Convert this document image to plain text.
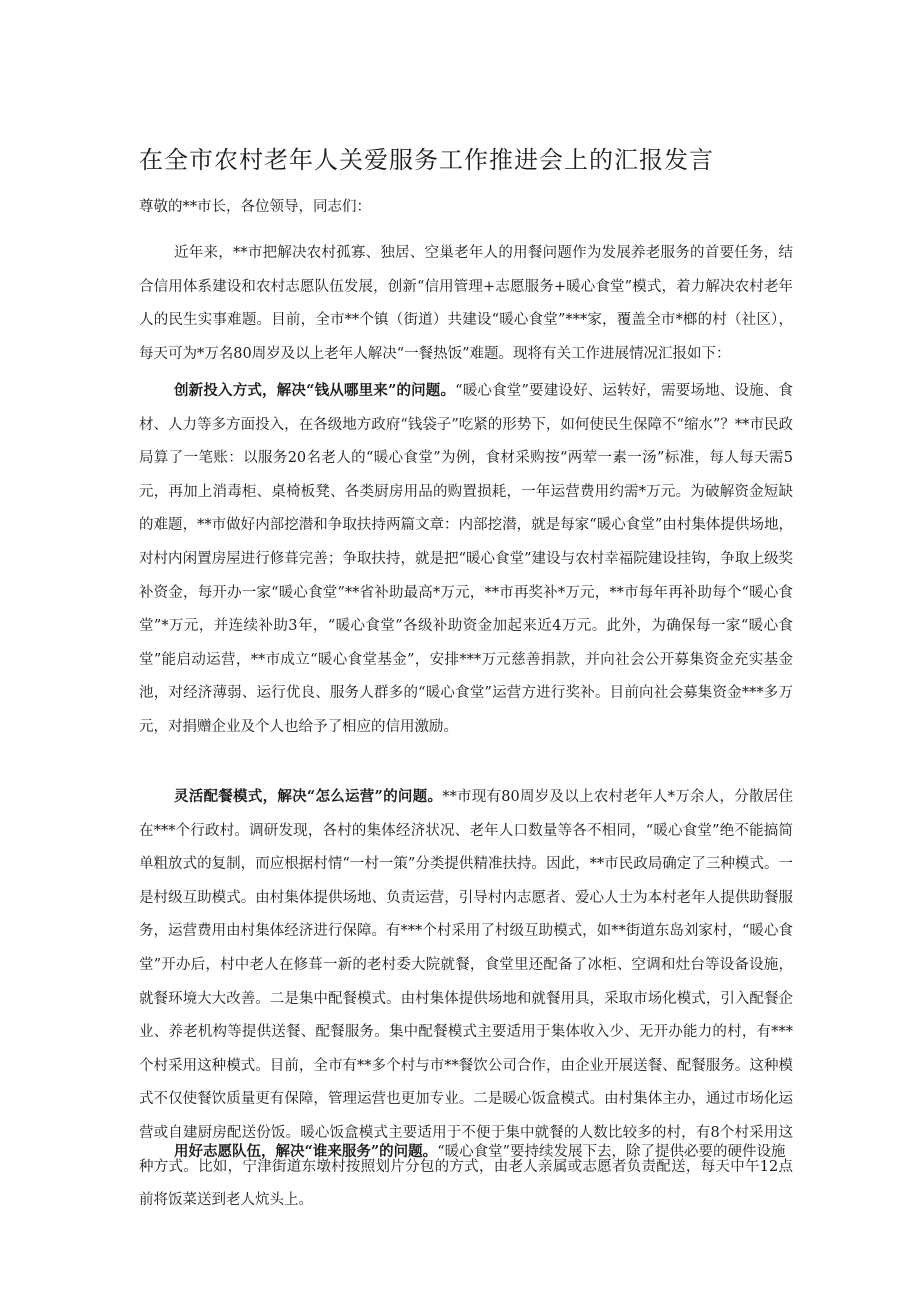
在全市农村老年人关爱服务工作推进会上的汇报发言

尊敬的**市长，各位领导，同志们：

近年来，**市把解决农村孤寡、独居、空巢老年人的用餐问题作为发展养老服务的首要任务，结合信用体系建设和农村志愿队伍发展，创新“信用管理+志愿服务+暖心食堂”模式，着力解决农村老年人的民生实事难题。目前，全市**个镇（街道）共建设“暖心食堂”***家，覆盖全市*榔的村（社区），每天可为*万名80周岁及以上老年人解决“一餐热饭”难题。现将有关工作进展情况汇报如下：

创新投入方式，解决“钱从哪里来”的问题。“暖心食堂”要建设好、运转好，需要场地、设施、食材、人力等多方面投入，在各级地方政府“钱袋子”吃紧的形势下，如何使民生保障不“缩水”？**市民政局算了一笔账：以服务20名老人的“暖心食堂”为例，食材采购按“两荤一素一汤”标准，每人每天需5元，再加上消毒柜、桌椅板凳、各类厨房用品的购置损耗，一年运营费用约需*万元。为破解资金短缺的难题，**市做好内部挖潜和争取扶持两篇文章：内部挖潜，就是每家“暖心食堂”由村集体提供场地，对村内闲置房屋进行修葺完善；争取扶持，就是把“暖心食堂”建设与农村幸福院建设挂钩，争取上级奖补资金，每开办一家“暖心食堂”**省补助最高*万元，**市再奖补*万元，**市每年再补助每个“暖心食堂”*万元，并连续补助3年，“暖心食堂”各级补助资金加起来近4万元。此外，为确保每一家“暖心食堂”能启动运营，**市成立“暖心食堂基金”，安排***万元慈善捐款，并向社会公开募集资金充实基金池，对经济薄弱、运行优良、服务人群多的“暖心食堂”运营方进行奖补。目前向社会募集资金***多万元，对捐赠企业及个人也给予了相应的信用激励。

灵活配餐模式，解决“怎么运营”的问题。**市现有80周岁及以上农村老年人*万余人，分散居住在***个行政村。调研发现，各村的集体经济状况、老年人口数量等各不相同，“暖心食堂”绝不能搞简单粗放式的复制，而应根据村情“一村一策”分类提供精准扶持。因此，**市民政局确定了三种模式。一是村级互助模式。由村集体提供场地、负责运营，引导村内志愿者、爱心人士为本村老年人提供助餐服务，运营费用由村集体经济进行保障。有***个村采用了村级互助模式，如**街道东岛刘家村，“暖心食堂”开办后，村中老人在修葺一新的老村委大院就餐，食堂里还配备了冰柜、空调和灶台等设备设施，就餐环境大大改善。二是集中配餐模式。由村集体提供场地和就餐用具，采取市场化模式，引入配餐企业、养老机构等提供送餐、配餐服务。集中配餐模式主要适用于集体收入少、无开办能力的村，有***个村采用这种模式。目前，全市有**多个村与市**餐饮公司合作，由企业开展送餐、配餐服务。这种模式不仅使餐饮质量更有保障，管理运营也更加专业。二是暖心饭盒模式。由村集体主办，通过市场化运营或自建厨房配送份饭。暖心饭盒模式主要适用于不便于集中就餐的人数比较多的村，有8个村采用这种方式。比如，宁津街道东墩村按照划片分包的方式，由老人亲属或志愿者负责配送，每天中午12点前将饭菜送到老人炕头上。

用好志愿队伍，解决“谁来服务”的问题。“暖心食堂”要持续发展下去，除了提供必要的硬件设施
